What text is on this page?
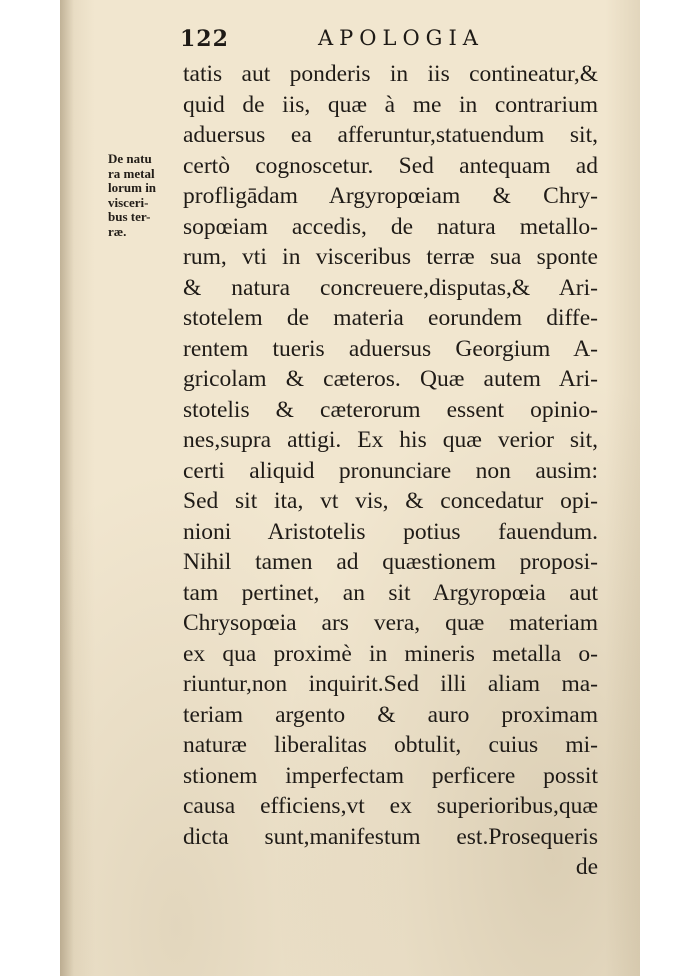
122	APOLOGIA
De natu
ra metal
lorum in
visceri-
bus ter-
ræ.
tatis aut ponderis in iis contineatur,&
quid de iis, quæ à me in contrarium
aduersus ea afferuntur,statuendum sit,
certò cognoscetur. Sed antequam ad
profligādam Argyropœiam & Chry-
sopœiam accedis, de natura metallo-
rum, vti in visceribus terræ sua sponte
& natura concreuere,disputas,& Ari-
stotelem de materia eorundem diffe-
rentem tueris aduersus Georgium A-
gricolam & cæteros. Quæ autem Ari-
stotelis & cæterorum essent opinio-
nes,supra attigi. Ex his quæ verior sit,
certi aliquid pronunciare non ausim:
Sed sit ita, vt vis, & concedatur opi-
nioni Aristotelis potius fauendum.
Nihil tamen ad quæstionem proposi-
tam pertinet, an sit Argyropœia aut
Chrysopœia ars vera, quæ materiam
ex qua proximè in mineris metalla o-
riuntur,non inquirit.Sed illi aliam ma-
teriam argento & auro proximam
naturæ liberalitas obtulit, cuius mi-
stionem imperfectam perficere possit
causa efficiens,vt ex superioribus,quæ
dicta sunt,manifestum est.Prosequeris
de
